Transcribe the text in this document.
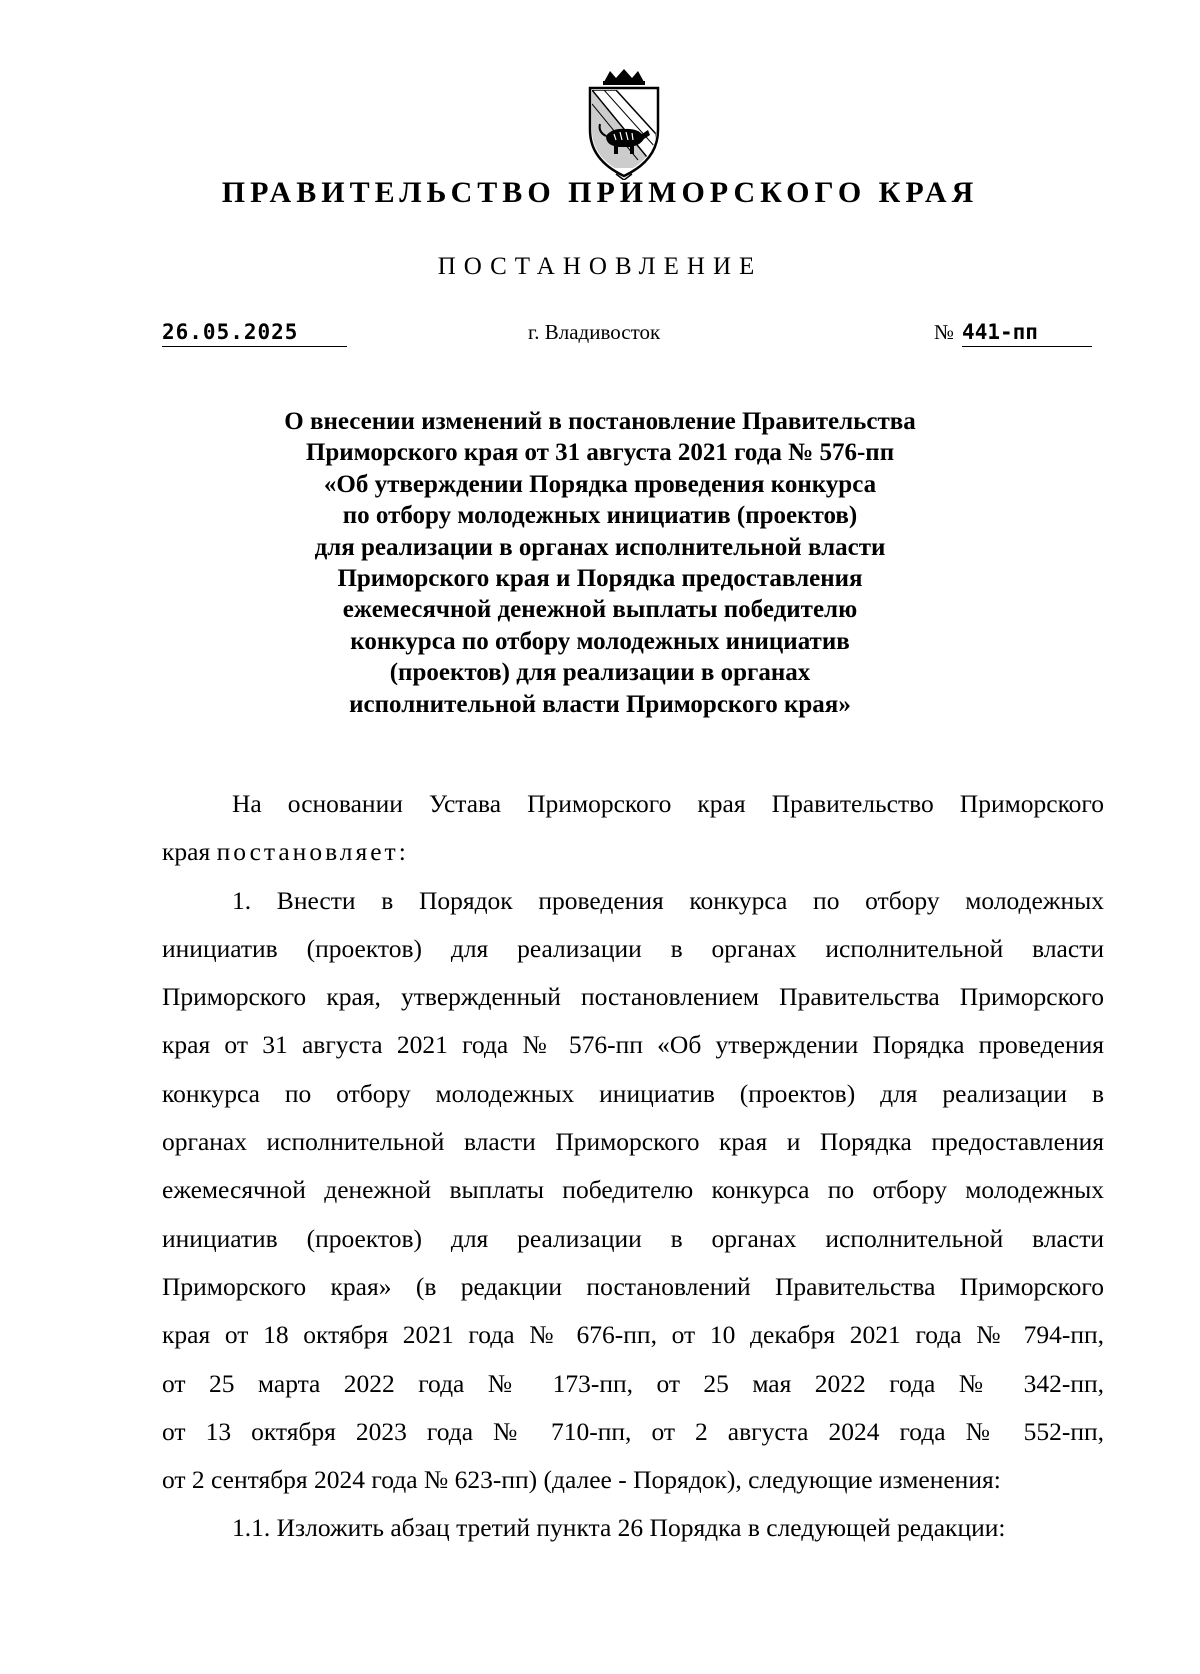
ПРАВИТЕЛЬСТВО ПРИМОРСКОГО КРАЯ
ПОСТАНОВЛЕНИЕ
26.05.2025	г. Владивосток	№ 441-пп
О внесении изменений в постановление Правительства
Приморского края от 31 августа 2021 года № 576-пп
«Об утверждении Порядка проведения конкурса
по отбору молодежных инициатив (проектов)
для реализации в органах исполнительной власти
Приморского края и Порядка предоставления
ежемесячной денежной выплаты победителю
конкурса по отбору молодежных инициатив
(проектов) для реализации в органах
исполнительной власти Приморского края»
На основании Устава Приморского края Правительство Приморского
края постановляет:
1. Внести в Порядок проведения конкурса по отбору молодежных
инициатив (проектов) для реализации в органах исполнительной власти
Приморского края, утвержденный постановлением Правительства Приморского
края от 31 августа 2021 года № 576-пп «Об утверждении Порядка проведения
конкурса по отбору молодежных инициатив (проектов) для реализации в
органах исполнительной власти Приморского края и Порядка предоставления
ежемесячной денежной выплаты победителю конкурса по отбору молодежных
инициатив (проектов) для реализации в органах исполнительной власти
Приморского края» (в редакции постановлений Правительства Приморского
края от 18 октября 2021 года № 676-пп, от 10 декабря 2021 года № 794-пп,
от 25 марта 2022 года № 173-пп, от 25 мая 2022 года № 342-пп,
от 13 октября 2023 года № 710-пп, от 2 августа 2024 года № 552-пп,
от 2 сентября 2024 года № 623-пп) (далее - Порядок), следующие изменения:
1.1. Изложить абзац третий пункта 26 Порядка в следующей редакции:
